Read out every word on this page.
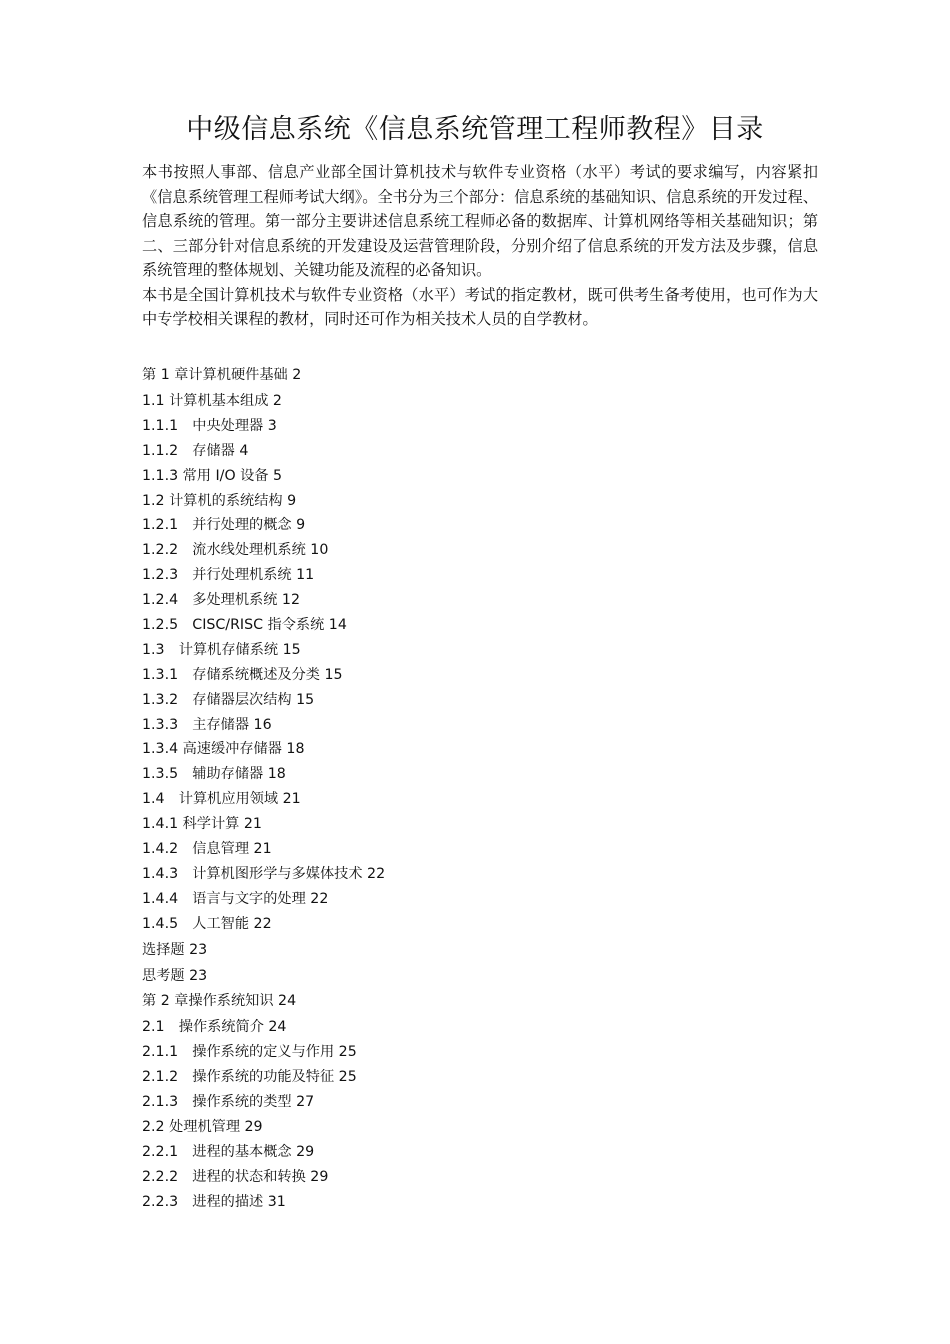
中级信息系统《信息系统管理工程师教程》目录

本书按照人事部、信息产业部全国计算机技术与软件专业资格（水平）考试的要求编写，内容紧扣《信息系统管理工程师考试大纲》。全书分为三个部分：信息系统的基础知识、信息系统的开发过程、信息系统的管理。第一部分主要讲述信息系统工程师必备的数据库、计算机网络等相关基础知识；第二、三部分针对信息系统的开发建设及运营管理阶段，分别介绍了信息系统的开发方法及步骤，信息系统管理的整体规划、关键功能及流程的必备知识。

本书是全国计算机技术与软件专业资格（水平）考试的指定教材，既可供考生备考使用，也可作为大中专学校相关课程的教材，同时还可作为相关技术人员的自学教材。

第 1 章计算机硬件基础 2
1.1 计算机基本组成 2
1.1.1　中央处理器 3
1.1.2　存储器 4
1.1.3 常用 I/O 设备 5
1.2 计算机的系统结构 9
1.2.1　并行处理的概念 9
1.2.2　流水线处理机系统 10
1.2.3　并行处理机系统 11
1.2.4　多处理机系统 12
1.2.5　CISC/RISC 指令系统 14
1.3　计算机存储系统 15
1.3.1　存储系统概述及分类 15
1.3.2　存储器层次结构 15
1.3.3　主存储器 16
1.3.4 高速缓冲存储器 18
1.3.5　辅助存储器 18
1.4　计算机应用领域 21
1.4.1 科学计算 21
1.4.2　信息管理 21
1.4.3　计算机图形学与多媒体技术 22
1.4.4　语言与文字的处理 22
1.4.5　人工智能 22
选择题 23
思考题 23
第 2 章操作系统知识 24
2.1　操作系统简介 24
2.1.1　操作系统的定义与作用 25
2.1.2　操作系统的功能及特征 25
2.1.3　操作系统的类型 27
2.2 处理机管理 29
2.2.1　进程的基本概念 29
2.2.2　进程的状态和转换 29
2.2.3　进程的描述 31
